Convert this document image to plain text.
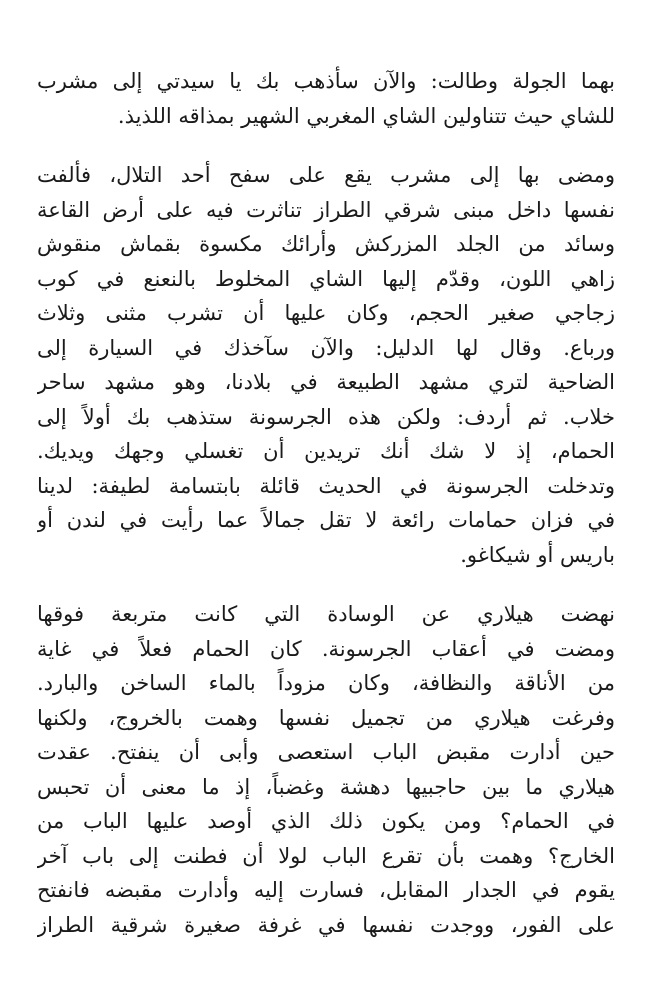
بهما الجولة وطالت: والآن سأذهب بك يا سيدتي إلى مشرب
للشاي حيث تتناولين الشاي المغربي الشهير بمذاقه اللذيذ.
ومضى بها إلى مشرب يقع على سفح أحد التلال، فألفت
نفسها داخل مبنى شرقي الطراز تناثرت فيه على أرض القاعة
وسائد من الجلد المزركش وأرائك مكسوة بقماش منقوش
زاهي اللون، وقدّم إليها الشاي المخلوط بالنعنع في كوب
زجاجي صغير الحجم، وكان عليها أن تشرب مثنى وثلاث
ورباع. وقال لها الدليل: والآن سآخذك في السيارة إلى
الضاحية لتري مشهد الطبيعة في بلادنا، وهو مشهد ساحر
خلاب. ثم أردف: ولكن هذه الجرسونة ستذهب بك أولاً إلى
الحمام، إذ لا شك أنك تريدين أن تغسلي وجهك ويديك.
وتدخلت الجرسونة في الحديث قائلة بابتسامة لطيفة: لدينا
في فزان حمامات رائعة لا تقل جمالاً عما رأيت في لندن أو
باريس أو شيكاغو.
نهضت هيلاري عن الوسادة التي كانت متربعة فوقها
ومضت في أعقاب الجرسونة. كان الحمام فعلاً في غاية
من الأناقة والنظافة، وكان مزوداً بالماء الساخن والبارد.
وفرغت هيلاري من تجميل نفسها وهمت بالخروج، ولكنها
حين أدارت مقبض الباب استعصى وأبى أن ينفتح. عقدت
هيلاري ما بين حاجبيها دهشة وغضباً، إذ ما معنى أن تحبس
في الحمام؟ ومن يكون ذلك الذي أوصد عليها الباب من
الخارج؟ وهمت بأن تقرع الباب لولا أن فطنت إلى باب آخر
يقوم في الجدار المقابل، فسارت إليه وأدارت مقبضه فانفتح
على الفور، ووجدت نفسها في غرفة صغيرة شرقية الطراز
